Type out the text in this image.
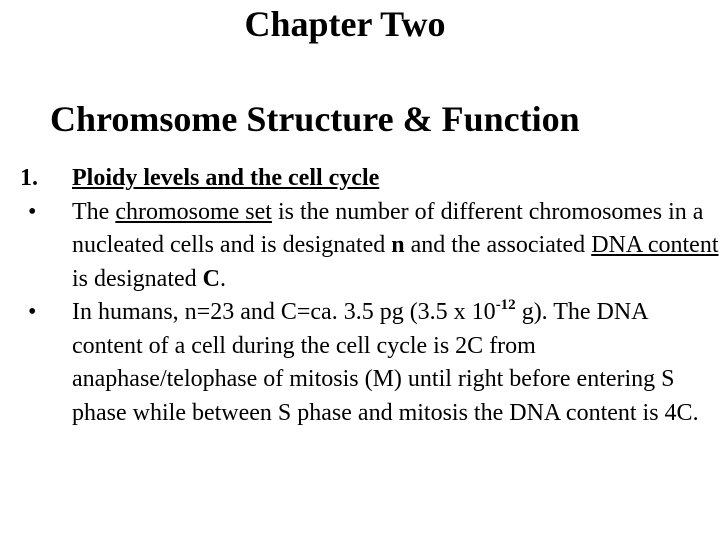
Chapter Two
Chromsome Structure & Function
1. Ploidy levels and the cell cycle
• The chromosome set is the number of different chromosomes in a nucleated cells and is designated n and the associated DNA content is designated C.
• In humans, n=23 and C=ca. 3.5 pg (3.5 x $10^{-12}$ g). The DNA content of a cell during the cell cycle is 2C from anaphase/telophase of mitosis (M) until right before entering S phase while between S phase and mitosis the DNA content is 4C.
